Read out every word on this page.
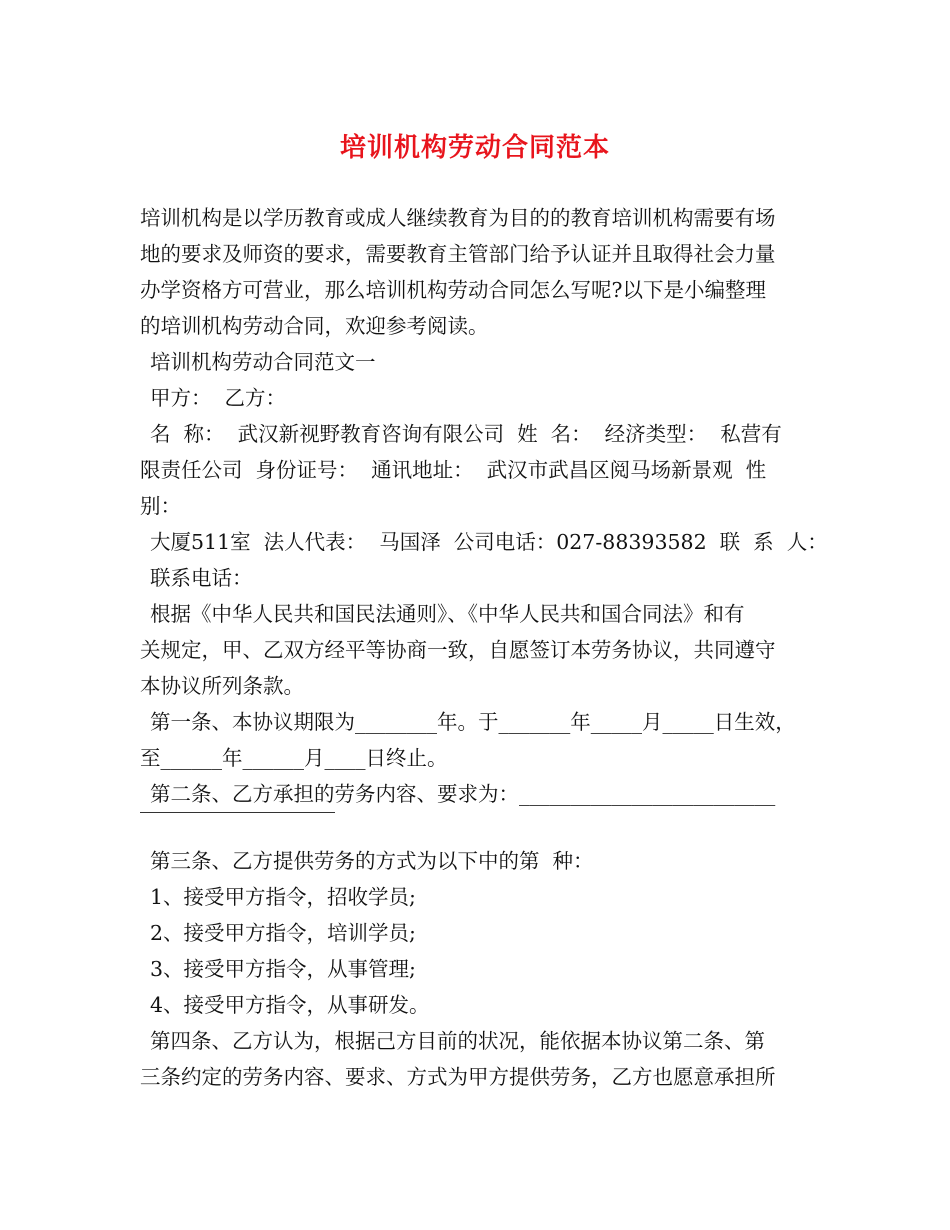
培训机构劳动合同范本
培训机构是以学历教育或成人继续教育为目的的教育培训机构需要有场
地的要求及师资的要求，需要教育主管部门给予认证并且取得社会力量
办学资格方可营业，那么培训机构劳动合同怎么写呢?以下是小编整理
的培训机构劳动合同，欢迎参考阅读。
培训机构劳动合同范文一
甲方：  乙方：
名  称：  武汉新视野教育咨询有限公司  姓  名：  经济类型：  私营有
限责任公司  身份证号：  通讯地址：  武汉市武昌区阅马场新景观  性
别：
大厦511室  法人代表：  马国泽  公司电话：027-88393582  联  系  人：
联系电话：
根据《中华人民共和国民法通则》、《中华人民共和国合同法》和有
关规定，甲、乙双方经平等协商一致，自愿签订本劳务协议，共同遵守
本协议所列条款。
第一条、本协议期限为________年。于_______年_____月_____日生效，
至______年______月____日终止。
第二条、乙方承担的劳务内容、要求为：_________________________
第三条、乙方提供劳务的方式为以下中的第  种：
1、接受甲方指令，招收学员;
2、接受甲方指令，培训学员;
3、接受甲方指令，从事管理;
4、接受甲方指令，从事研发。
第四条、乙方认为，根据己方目前的状况，能依据本协议第二条、第
三条约定的劳务内容、要求、方式为甲方提供劳务，乙方也愿意承担所
